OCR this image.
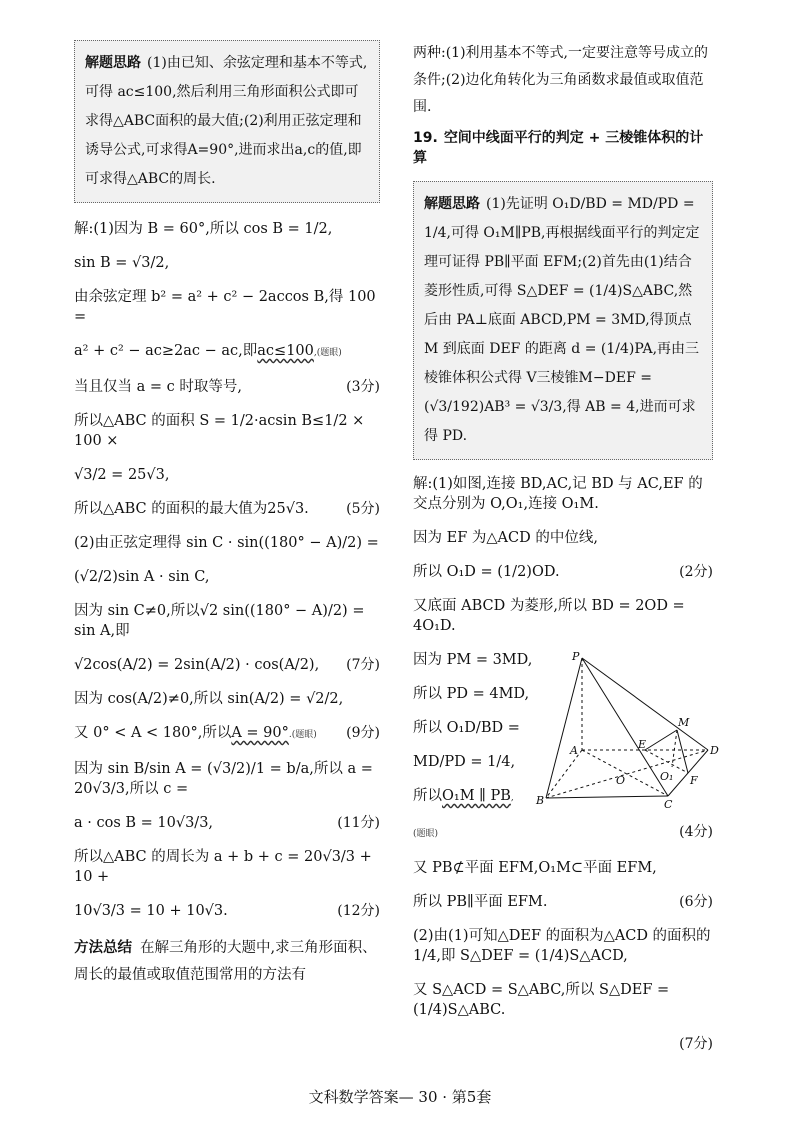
解题思路 (1)由已知、余弦定理和基本不等式,可得 ac≤100,然后利用三角形面积公式即可求得△ABC面积的最大值;(2)利用正弦定理和诱导公式,可求得A=90°,进而求出a,c的值,即可求得△ABC的周长.
解:(1)因为 B = 60°,所以 cos B = 1/2,
sin B = √3/2,
由余弦定理 b² = a² + c² − 2accos B,得 100 =
a² + c² − ac≥2ac − ac,即ac≤100,(题眼)
(3分)
当且仅当 a = c 时取等号,
所以△ABC 的面积 S = 1/2·acsin B≤1/2 × 100 ×
√3/2 = 25√3,
(5分)
所以△ABC 的面积的最大值为25√3.
(2)由正弦定理得 sin C · sin((180° − A)/2) =
(√2/2)sin A · sin C,
因为 sin C≠0,所以√2 sin((180° − A)/2) = sin A,即
(7分)
√2cos(A/2) = 2sin(A/2) · cos(A/2),
因为 cos(A/2)≠0,所以 sin(A/2) = √2/2,
(9分)
又 0° < A < 180°,所以A = 90°.(题眼)
因为 sin B/sin A = (√3/2)/1 = b/a,所以 a = 20√3/3,所以 c =
(11分)
a · cos B = 10√3/3,
所以△ABC 的周长为 a + b + c = 20√3/3 + 10 +
(12分)
10√3/3 = 10 + 10√3.
方法总结 在解三角形的大题中,求三角形面积、周长的最值或取值范围常用的方法有
两种:(1)利用基本不等式,一定要注意等号成立的条件;(2)边化角转化为三角函数求最值或取值范围.
19. 空间中线面平行的判定 + 三棱锥体积的计算
解题思路 (1)先证明 O₁D/BD = MD/PD = 1/4,可得 O₁M∥PB,再根据线面平行的判定定理可证得 PB∥平面 EFM;(2)首先由(1)结合菱形性质,可得 S△DEF = (1/4)S△ABC,然后由 PA⊥底面 ABCD,PM = 3MD,得顶点 M 到底面 DEF 的距离 d = (1/4)PA,再由三棱锥体积公式得 V三棱锥M−DEF = (√3/192)AB³ = √3/3,得 AB = 4,进而可求得 PD.
解:(1)如图,连接 BD,AC,记 BD 与 AC,EF 的交点分别为 O,O₁,连接 O₁M.
因为 EF 为△ACD 的中位线,
(2分)
所以 O₁D = (1/2)OD.
又底面 ABCD 为菱形,所以 BD = 2OD = 4O₁D.
因为 PM = 3MD,
所以 PD = 4MD,
所以 O₁D/BD =
MD/PD = 1/4,
所以O₁M ∥ PB,
(4分)
(题眼)
又 PB⊄平面 EFM,O₁M⊂平面 EFM,
(6分)
所以 PB∥平面 EFM.
(2)由(1)可知△DEF 的面积为△ACD 的面积的 1/4,即 S△DEF = (1/4)S△ACD,
又 S△ACD = S△ABC,所以 S△DEF = (1/4)S△ABC.
(7分)
P
A
B	C
D
E
F
M
O	O₁
文科数学答案— 30 · 第5套
